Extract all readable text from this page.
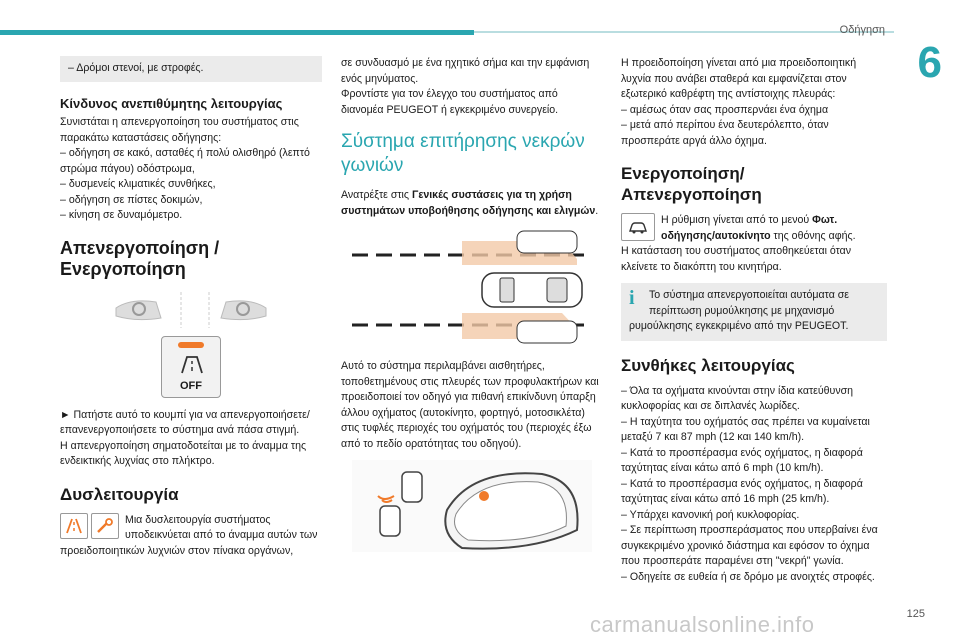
Οδήγηση
6
125
carmanualsonline.info

– Δρόμοι στενοί, με στροφές.

Κίνδυνος ανεπιθύμητης λειτουργίας

Συνιστάται η απενεργοποίηση του συστήματος στις παρακάτω καταστάσεις οδήγησης:

– οδήγηση σε κακό, ασταθές ή πολύ ολισθηρό (λεπτό στρώμα πάγου) οδόστρωμα,

– δυσμενείς κλιματικές συνθήκες,

– οδήγηση σε πίστες δοκιμών,

– κίνηση σε δυναμόμετρο.

Απενεργοποίηση / Ενεργοποίηση
OFF

► Πατήστε αυτό το κουμπί για να απενεργοποιήσετε/επανενεργοποιήσετε το σύστημα ανά πάσα στιγμή.

Η απενεργοποίηση σηματοδοτείται με το άναμμα της ενδεικτικής λυχνίας στο πλήκτρο.

Δυσλειτουργία

Μια δυσλειτουργία συστήματος υποδεικνύεται από το άναμμα αυτών των προειδοποιητικών λυχνιών στον πίνακα οργάνων,

σε συνδυασμό με ένα ηχητικό σήμα και την εμφάνιση ενός μηνύματος.

Φροντίστε για τον έλεγχο του συστήματος από διανομέα PEUGEOT ή εγκεκριμένο συνεργείο.

Σύστημα επιτήρησης νεκρών γωνιών

Ανατρέξτε στις Γενικές συστάσεις για τη χρήση συστημάτων υποβοήθησης οδήγησης και ελιγμών.

Αυτό το σύστημα περιλαμβάνει αισθητήρες, τοποθετημένους στις πλευρές των προφυλακτήρων και προειδοποιεί τον οδηγό για πιθανή επικίνδυνη ύπαρξη άλλου οχήματος (αυτοκίνητο, φορτηγό, μοτοσικλέτα) στις τυφλές περιοχές του οχήματός του (περιοχές έξω από το πεδίο ορατότητας του οδηγού).

Η προειδοποίηση γίνεται από μια προειδοποιητική λυχνία που ανάβει σταθερά και εμφανίζεται στον εξωτερικό καθρέφτη της αντίστοιχης πλευράς:

– αμέσως όταν σας προσπερνάει ένα όχημα

– μετά από περίπου ένα δευτερόλεπτο, όταν προσπεράτε αργά άλλο όχημα.

Ενεργοποίηση/ Απενεργοποίηση

Η ρύθμιση γίνεται από το μενού Φωτ. οδήγησης/αυτοκίνητο της οθόνης αφής.

Η κατάσταση του συστήματος αποθηκεύεται όταν κλείνετε το διακόπτη του κινητήρα.

i	Το σύστημα απενεργοποιείται αυτόματα σε περίπτωση ρυμούλκησης με μηχανισμό ρυμούλκησης εγκεκριμένο από την PEUGEOT.

Συνθήκες λειτουργίας

– Όλα τα οχήματα κινούνται στην ίδια κατεύθυνση κυκλοφορίας και σε διπλανές λωρίδες.

– Η ταχύτητα του οχήματός σας πρέπει να κυμαίνεται μεταξύ 7 και 87 mph (12 και 140 km/h).

– Κατά το προσπέρασμα ενός οχήματος, η διαφορά ταχύτητας είναι κάτω από 6 mph (10 km/h).

– Κατά το προσπέρασμα ενός οχήματος, η διαφορά ταχύτητας είναι κάτω από 16 mph (25 km/h).

– Υπάρχει κανονική ροή κυκλοφορίας.

– Σε περίπτωση προσπεράσματος που υπερβαίνει ένα συγκεκριμένο χρονικό διάστημα και εφόσον το όχημα που προσπεράτε παραμένει στη "νεκρή" γωνία.

– Οδηγείτε σε ευθεία ή σε δρόμο με ανοιχτές στροφές.
